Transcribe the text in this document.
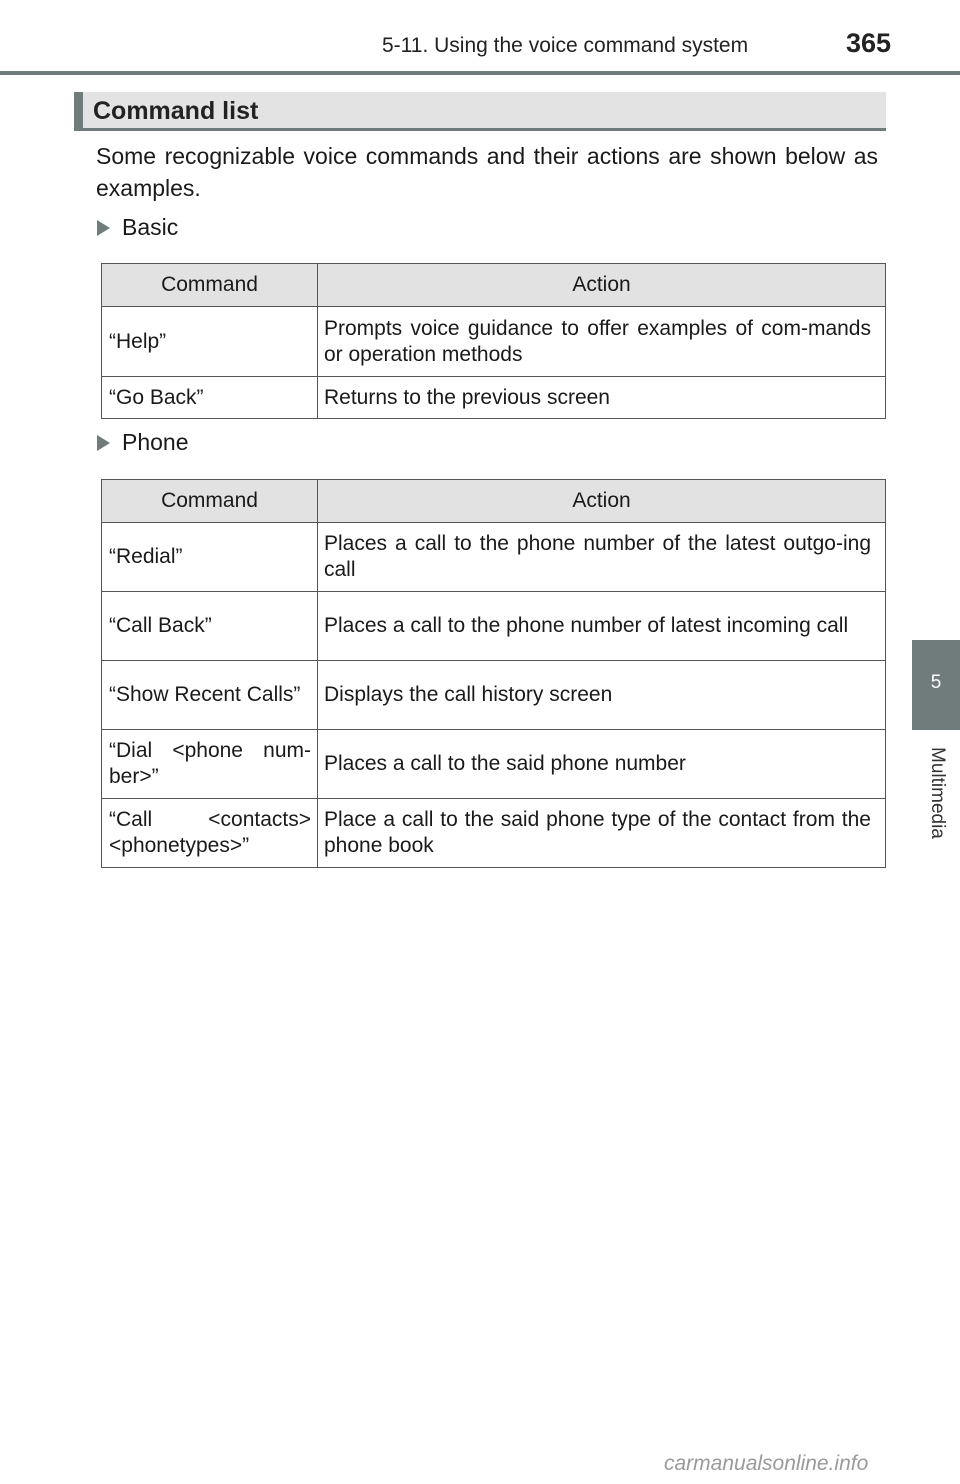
5-11. Using the voice command system	365
Command list

Some recognizable voice commands and their actions are shown below as examples.

Basic
Command	Action
“Help”	Prompts voice guidance to offer examples of com-mands or operation methods
“Go Back”	Returns to the previous screen
Phone
Command	Action
“Redial”	Places a call to the phone number of the latest outgo-ing call
“Call Back”	Places a call to the phone number of latest incoming call
“Show Recent Calls”	Displays the call history screen
“Dial <phone num-ber>”	Places a call to the said phone number
“Call <contacts> <phonetypes>”	Place a call to the said phone type of the contact from the phone book
5
Multimedia
carmanualsonline.info
